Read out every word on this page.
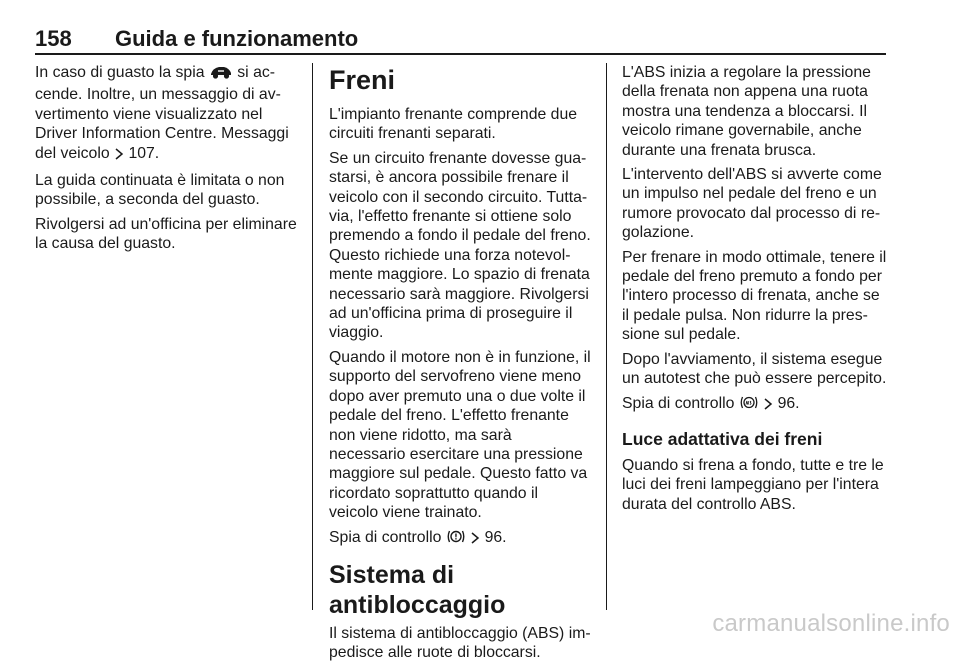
158 Guida e funzionamento

In caso di guasto la spia si ac-cende. Inoltre, un messaggio di av-vertimento viene visualizzato nel Driver Information Centre. Messaggi del veicolo 107.

La guida continuata è limitata o non possibile, a seconda del guasto.

Rivolgersi ad un'officina per eliminare la causa del guasto.

Freni

L'impianto frenante comprende due circuiti frenanti separati.

Se un circuito frenante dovesse gua-starsi, è ancora possibile frenare il veicolo con il secondo circuito. Tutta-via, l'effetto frenante si ottiene solo premendo a fondo il pedale del freno. Questo richiede una forza notevol-mente maggiore. Lo spazio di frenata necessario sarà maggiore. Rivolgersi ad un'officina prima di proseguire il viaggio.

Quando il motore non è in funzione, il supporto del servofreno viene meno dopo aver premuto una o due volte il pedale del freno. L'effetto frenante non viene ridotto, ma sarà necessario esercitare una pressione maggiore sul pedale. Questo fatto va ricordato soprattutto quando il veicolo viene trainato.

Spia di controllo ! 96.

Sistema di antibloccaggio

Il sistema di antibloccaggio (ABS) im-pedisce alle ruote di bloccarsi.

L'ABS inizia a regolare la pressione della frenata non appena una ruota mostra una tendenza a bloccarsi. Il veicolo rimane governabile, anche durante una frenata brusca.

L'intervento dell'ABS si avverte come un impulso nel pedale del freno e un rumore provocato dal processo di re-golazione.

Per frenare in modo ottimale, tenere il pedale del freno premuto a fondo per l'intero processo di frenata, anche se il pedale pulsa. Non ridurre la pres-sione sul pedale.

Dopo l'avviamento, il sistema esegue un autotest che può essere percepito.

Spia di controllo	96.

Luce adattativa dei freni

Quando si frena a fondo, tutte e tre le luci dei freni lampeggiano per l'intera durata del controllo ABS.

carmanualsonline.info
